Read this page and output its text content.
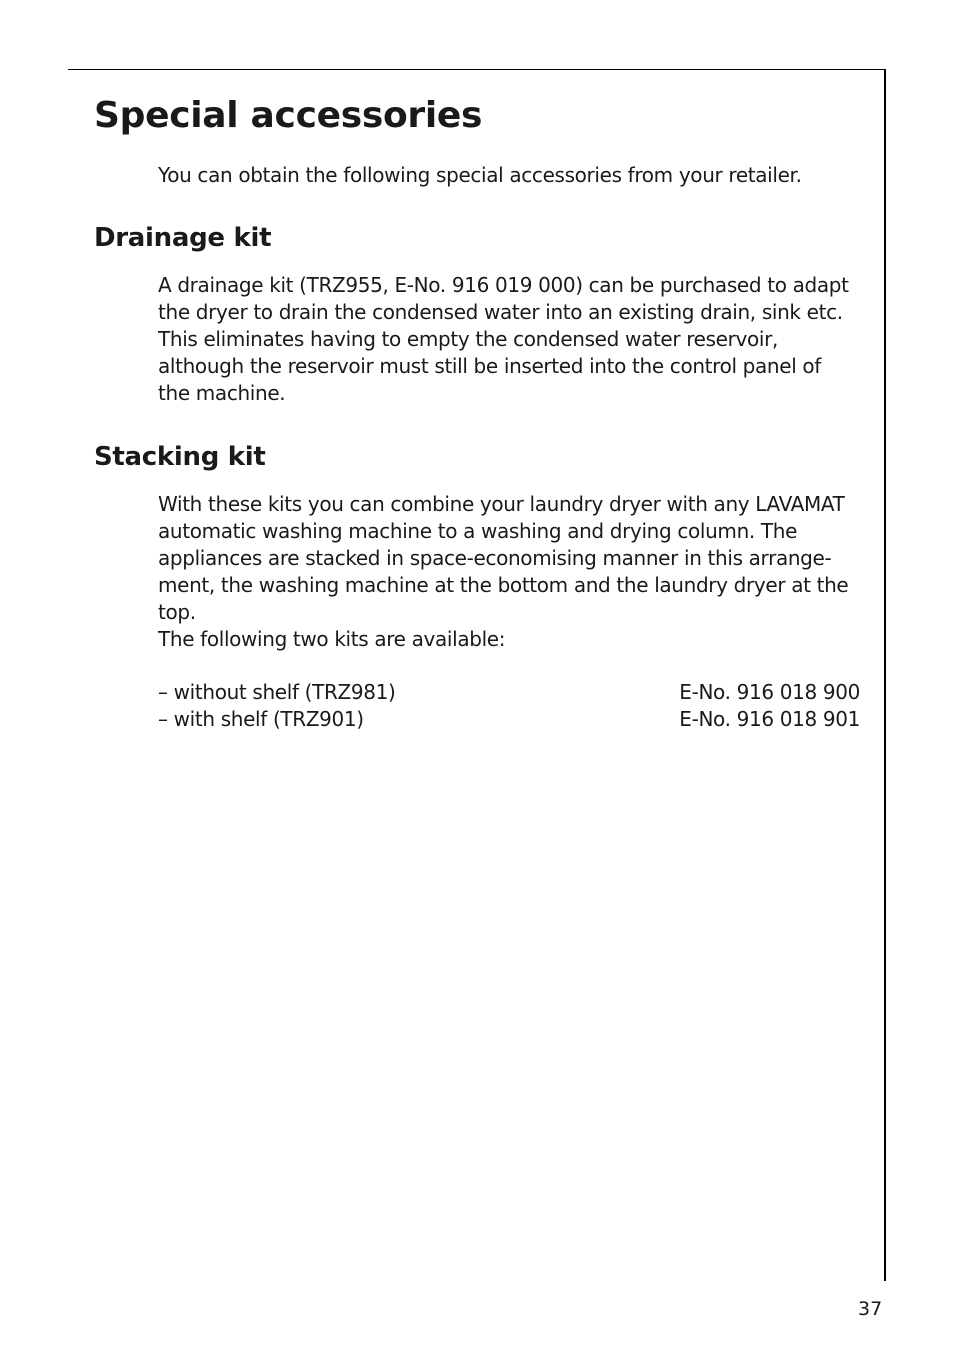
Special accessories

You can obtain the following special accessories from your retailer.

Drainage kit
A drainage kit (TRZ955, E-No. 916 019 000) can be purchased to adapt
the dryer to drain the condensed water into an existing drain, sink etc.
This eliminates having to empty the condensed water reservoir,
although the reservoir must still be inserted into the control panel of
the machine.
Stacking kit
With these kits you can combine your laundry dryer with any LAVAMAT
automatic washing machine to a washing and drying column. The
appliances are stacked in space-economising manner in this arrange-
ment, the washing machine at the bottom and the laundry dryer at the
top.
The following two kits are available:
– without shelf (TRZ981)	E-No. 916 018 900
– with shelf (TRZ901)	E-No. 916 018 901
37
